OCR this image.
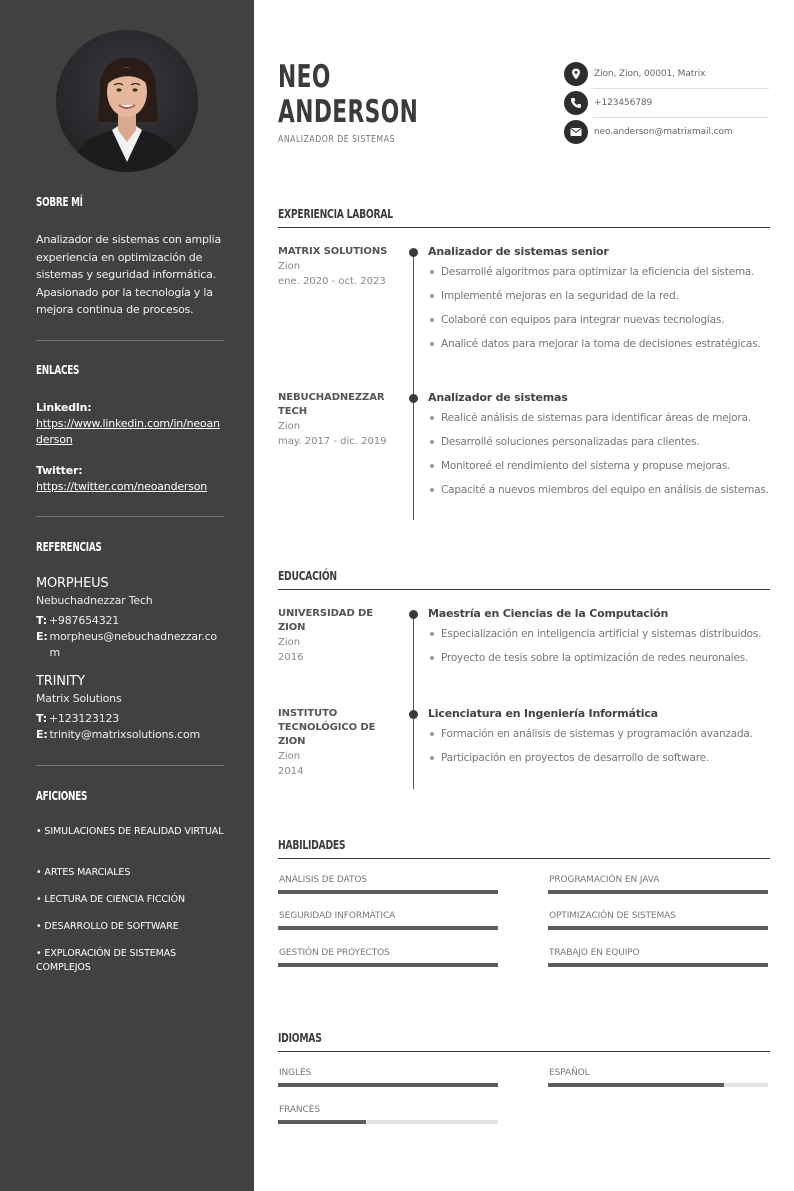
SOBRE MÍ
Analizador de sistemas con amplia experiencia en optimización de sistemas y seguridad informática. Apasionado por la tecnología y la mejora continua de procesos.
ENLACES
LinkedIn:
https://www.linkedin.com/in/neoanderson
Twitter:
https://twitter.com/neoanderson
REFERENCIAS
MORPHEUS
Nebuchadnezzar Tech
T: +987654321
E: morpheus@nebuchadnezzar.com
TRINITY
Matrix Solutions
T: +123123123
E: trinity@matrixsolutions.com
AFICIONES
• SIMULACIONES DE REALIDAD VIRTUAL
• ARTES MARCIALES
• LECTURA DE CIENCIA FICCIÓN
• DESARROLLO DE SOFTWARE
• EXPLORACIÓN DE SISTEMAS COMPLEJOS
NEO
ANDERSON
ANALIZADOR DE SISTEMAS
Zion, Zion, 00001, Matrix
+123456789
neo.anderson@matrixmail.com
EXPERIENCIA LABORAL
MATRIX SOLUTIONS
Zion
ene. 2020 - oct. 2023
Analizador de sistemas senior
Desarrollé algoritmos para optimizar la eficiencia del sistema.
Implementé mejoras en la seguridad de la red.
Colaboré con equipos para integrar nuevas tecnologías.
Analicé datos para mejorar la toma de decisiones estratégicas.
NEBUCHADNEZZAR TECH
Zion
may. 2017 - dic. 2019
Analizador de sistemas
Realicé análisis de sistemas para identificar áreas de mejora.
Desarrollé soluciones personalizadas para clientes.
Monitoreé el rendimiento del sistema y propuse mejoras.
Capacité a nuevos miembros del equipo en análisis de sistemas.
EDUCACIÓN
UNIVERSIDAD DE ZION
Zion
2016
Maestría en Ciencias de la Computación
Especialización en inteligencia artificial y sistemas distribuidos.
Proyecto de tesis sobre la optimización de redes neuronales.
INSTITUTO TECNOLÓGICO DE ZION
Zion
2014
Licenciatura en Ingeniería Informática
Formación en análisis de sistemas y programación avanzada.
Participación en proyectos de desarrollo de software.
HABILIDADES
ANÁLISIS DE DATOS	PROGRAMACIÓN EN JAVA
SEGURIDAD INFORMÁTICA	OPTIMIZACIÓN DE SISTEMAS
GESTIÓN DE PROYECTOS	TRABAJO EN EQUIPO
IDIOMAS
INGLÉS	ESPAÑOL
FRANCÉS
